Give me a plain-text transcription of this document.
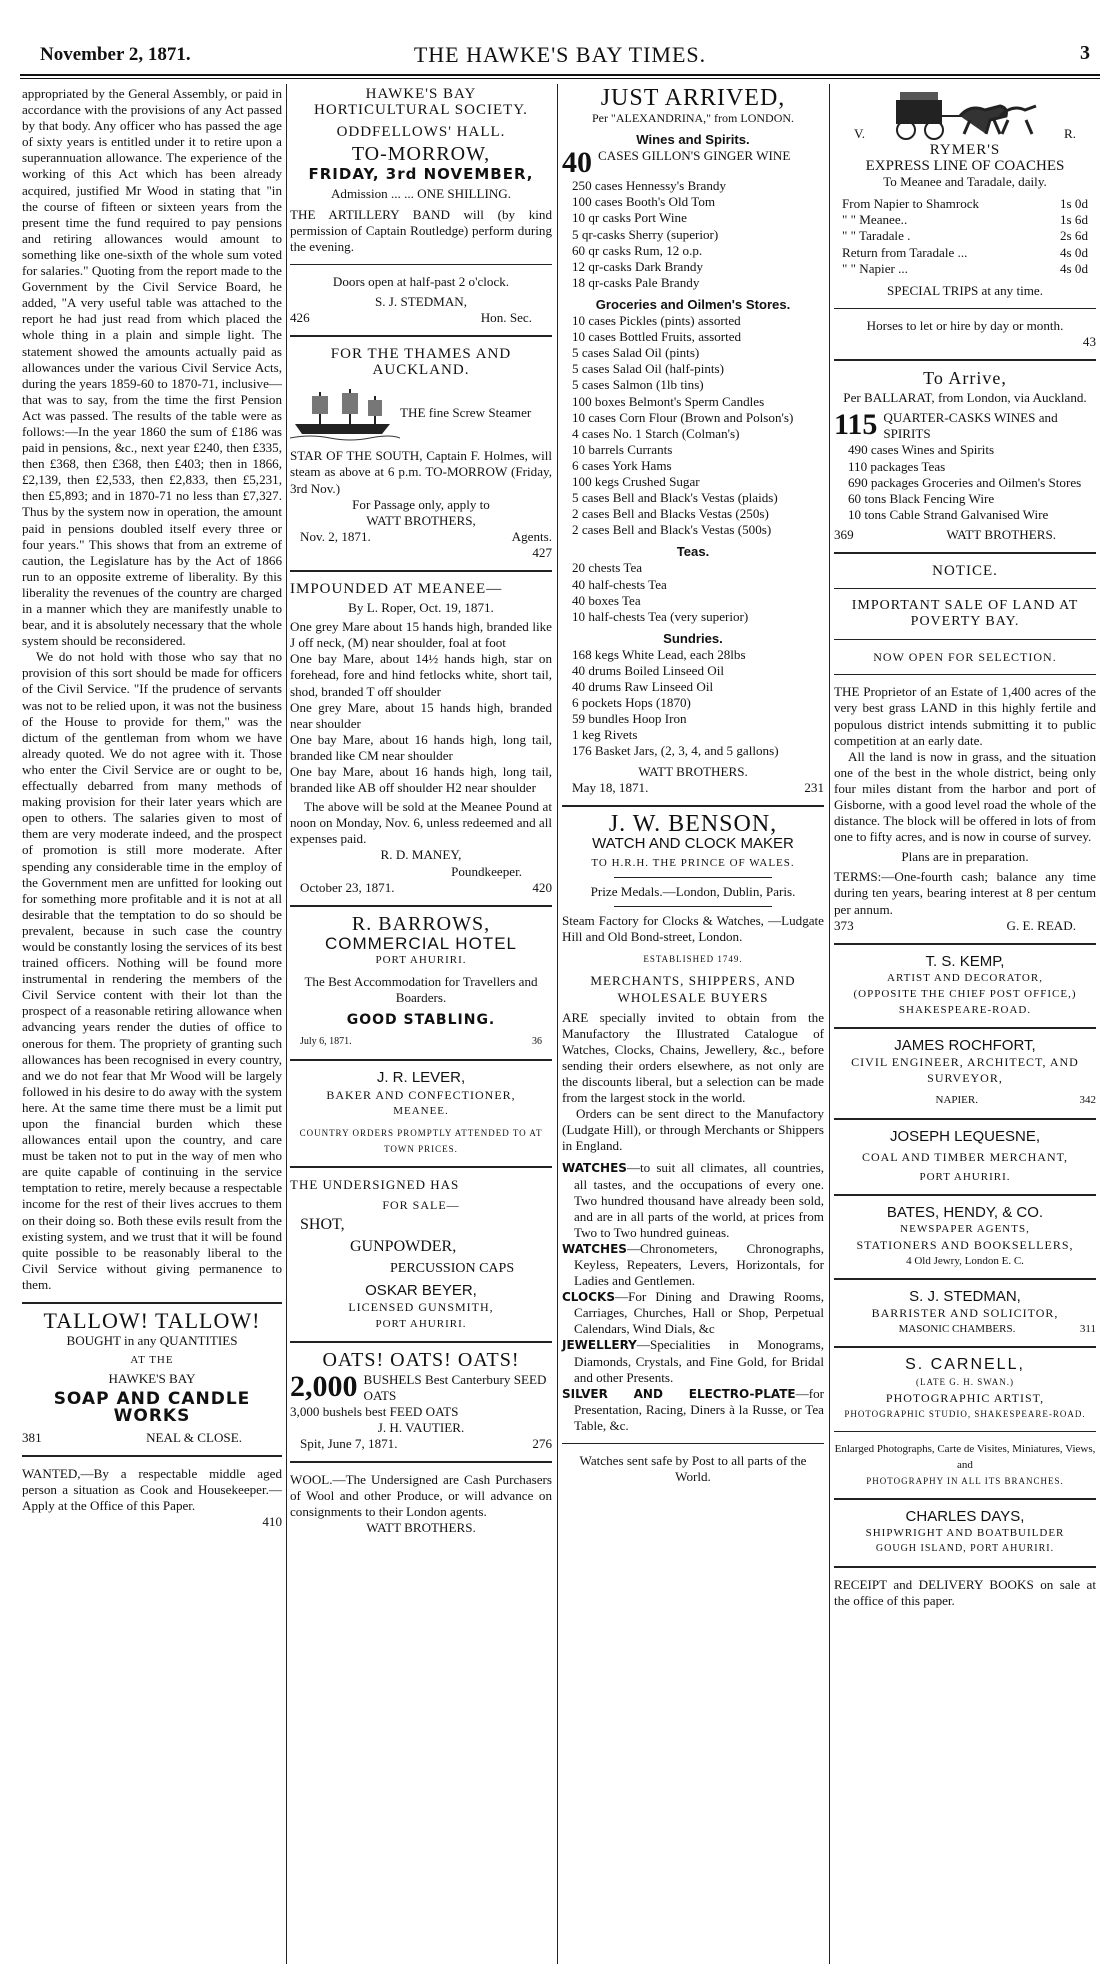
November 2, 1871.	THE HAWKE'S BAY TIMES.	3

appropriated by the General Assembly, or paid in accordance with the provisions of any Act passed by that body. Any officer who has passed the age of sixty years is entitled under it to retire upon a superannuation allowance. The experience of the working of this Act which has been already acquired, justified Mr Wood in stating that "in the course of fifteen or sixteen years from the present time the fund required to pay pensions and retiring allowances would amount to something like one-sixth of the whole sum voted for salaries." Quoting from the report made to the Government by the Civil Service Board, he added, "A very useful table was attached to the report he had just read from which placed the whole thing in a plain and simple light. The statement showed the amounts actually paid as allowances under the various Civil Service Acts, during the years 1859-60 to 1870-71, inclusive—that was to say, from the time the first Pension Act was passed. The results of the table were as follows:—In the year 1860 the sum of £186 was paid in pensions, &c., next year £240, then £335, then £368, then £368, then £403; then in 1866, £2,139, then £2,533, then £2,833, then £5,231, then £5,893; and in 1870-71 no less than £7,327. Thus by the system now in operation, the amount paid in pensions doubled itself every three or four years." This shows that from an extreme of caution, the Legislature has by the Act of 1866 run to an opposite extreme of liberality. By this liberality the revenues of the country are charged in a manner which they are manifestly unable to bear, and it is absolutely necessary that the whole system should be reconsidered.

We do not hold with those who say that no provision of this sort should be made for officers of the Civil Service. "If the prudence of servants was not to be relied upon, it was not the business of the House to provide for them," was the dictum of the gentleman from whom we have already quoted. We do not agree with it. Those who enter the Civil Service are or ought to be, effectually debarred from many methods of making provision for their later years which are open to others. The salaries given to most of them are very moderate indeed, and the prospect of promotion is still more moderate. After spending any considerable time in the employ of the Government men are unfitted for looking out for something more profitable and it is not at all desirable that the temptation to do so should be prevalent, because in such case the country would be constantly losing the services of its best trained officers. Nothing will be found more instrumental in rendering the members of the Civil Service content with their lot than the prospect of a reasonable retiring allowance when advancing years render the duties of office to onerous for them. The propriety of granting such allowances has been recognised in every country, and we do not fear that Mr Wood will be largely followed in his desire to do away with the system here. At the same time there must be a limit put upon the financial burden which these allowances entail upon the country, and care must be taken not to put in the way of men who are quite capable of continuing in the service temptation to retire, merely because a respectable income for the rest of their lives accrues to them on their doing so. Both these evils result from the existing system, and we trust that it will be found quite possible to be reasonably liberal to the Civil Service without giving permanence to them.

TALLOW! TALLOW!
BOUGHT in any QUANTITIES
AT THE
HAWKE'S BAY
SOAP AND CANDLE WORKS
381	NEAL & CLOSE.

WANTED,—By a respectable middle aged person a situation as Cook and Housekeeper.—Apply at the Office of this Paper.

410
HAWKE'S BAY
HORTICULTURAL SOCIETY.
ODDFELLOWS' HALL.
TO-MORROW,
FRIDAY, 3rd NOVEMBER,
Admission ... ... ONE SHILLING.

THE ARTILLERY BAND will (by kind permission of Captain Routledge) perform during the evening.

Doors open at half-past 2 o'clock.
S. J. STEDMAN,
426	Hon. Sec.
FOR THE THAMES AND AUCKLAND.
THE fine Screw Steamer

STAR OF THE SOUTH, Captain F. Holmes, will steam as above at 6 p.m. TO-MORROW (Friday, 3rd Nov.)

For Passage only, apply to
WATT BROTHERS,
Nov. 2, 1871.	Agents.
427
IMPOUNDED AT MEANEE—
By L. Roper, Oct. 19, 1871.

One grey Mare about 15 hands high, branded like J off neck, (M) near shoulder, foal at foot

One bay Mare, about 14½ hands high, star on forehead, fore and hind fetlocks white, short tail, shod, branded T off shoulder

One grey Mare, about 15 hands high, branded near shoulder

One bay Mare, about 16 hands high, long tail, branded like CM near shoulder

One bay Mare, about 16 hands high, long tail, branded like AB off shoulder H2 near shoulder

The above will be sold at the Meanee Pound at noon on Monday, Nov. 6, unless redeemed and all expenses paid.

R. D. MANEY,
Poundkeeper.
October 23, 1871.	420
R. BARROWS,
COMMERCIAL HOTEL
PORT AHURIRI.
The Best Accommodation for Travellers and Boarders.
GOOD STABLING.
July 6, 1871.	36
J. R. LEVER,
BAKER AND CONFECTIONER,
MEANEE.
COUNTRY ORDERS PROMPTLY ATTENDED TO AT TOWN PRICES.
THE UNDERSIGNED HAS
FOR SALE—
SHOT,
GUNPOWDER,
PERCUSSION CAPS
OSKAR BEYER,
LICENSED GUNSMITH,
PORT AHURIRI.
OATS! OATS! OATS!
2,000 BUSHELS Best Canterbury SEED OATS
3,000 bushels best FEED OATS
J. H. VAUTIER.
Spit, June 7, 1871.	276

WOOL.—The Undersigned are Cash Purchasers of Wool and other Produce, or will advance on consignments to their London agents.

WATT BROTHERS.
JUST ARRIVED,
Per "ALEXANDRINA," from LONDON.
Wines and Spirits.
40 CASES GILLON'S GINGER WINE
250 cases Hennessy's Brandy
100 cases Booth's Old Tom
10 qr casks Port Wine
5 qr-casks Sherry (superior)
60 qr casks Rum, 12 o.p.
12 qr-casks Dark Brandy
18 qr-casks Pale Brandy
Groceries and Oilmen's Stores.
10 cases Pickles (pints) assorted
10 cases Bottled Fruits, assorted
5 cases Salad Oil (pints)
5 cases Salad Oil (half-pints)
5 cases Salmon (1lb tins)
100 boxes Belmont's Sperm Candles
10 cases Corn Flour (Brown and Polson's)
4 cases No. 1 Starch (Colman's)
10 barrels Currants
6 cases York Hams
100 kegs Crushed Sugar
5 cases Bell and Black's Vestas (plaids)
2 cases Bell and Blacks Vestas (250s)
2 cases Bell and Black's Vestas (500s)
Teas.
20 chests Tea
40 half-chests Tea
40 boxes Tea
10 half-chests Tea (very superior)
Sundries.
168 kegs White Lead, each 28lbs
40 drums Boiled Linseed Oil
40 drums Raw Linseed Oil
6 pockets Hops (1870)
59 bundles Hoop Iron
1 keg Rivets
176 Basket Jars, (2, 3, 4, and 5 gallons)
WATT BROTHERS.
May 18, 1871.	231
J. W. BENSON,
WATCH AND CLOCK MAKER
TO H.R.H. THE PRINCE OF WALES.
Prize Medals.—London, Dublin, Paris.

Steam Factory for Clocks & Watches, —Ludgate Hill and Old Bond-street, London.

ESTABLISHED 1749.
MERCHANTS, SHIPPERS, AND WHOLESALE BUYERS

ARE specially invited to obtain from the Manufactory the Illustrated Catalogue of Watches, Clocks, Chains, Jewellery, &c., before sending their orders elsewhere, as not only are the discounts liberal, but a selection can be made from the largest stock in the world.

Orders can be sent direct to the Manufactory (Ludgate Hill), or through Merchants or Shippers in England.

WATCHES—to suit all climates, all countries, all tastes, and the occupations of every one. Two hundred thousand have already been sold, and are in all parts of the world, at prices from Two to Two hundred guineas.

WATCHES—Chronometers, Chronographs, Keyless, Repeaters, Levers, Horizontals, for Ladies and Gentlemen.

CLOCKS—For Dining and Drawing Rooms, Carriages, Churches, Hall or Shop, Perpetual Calendars, Wind Dials, &c

JEWELLERY—Specialities in Monograms, Diamonds, Crystals, and Fine Gold, for Bridal and other Presents.

SILVER AND ELECTRO-PLATE—for Presentation, Racing, Diners à la Russe, or Tea Table, &c.

Watches sent safe by Post to all parts of the World.
V.	R.
RYMER'S
EXPRESS LINE OF COACHES
To Meanee and Taradale, daily.
From Napier to Shamrock	1s 0d
" " Meanee..	1s 6d
" " Taradale .	2s 6d
Return from Taradale ...	4s 0d
" " Napier ...	4s 0d
SPECIAL TRIPS at any time.
Horses to let or hire by day or month.
43
To Arrive,
Per BALLARAT, from London, via Auckland.
115 QUARTER-CASKS WINES and SPIRITS
490 cases Wines and Spirits
110 packages Teas
690 packages Groceries and Oilmen's Stores
60 tons Black Fencing Wire
10 tons Cable Strand Galvanised Wire
369	WATT BROTHERS.
NOTICE.
IMPORTANT SALE OF LAND AT POVERTY BAY.
NOW OPEN FOR SELECTION.

THE Proprietor of an Estate of 1,400 acres of the very best grass LAND in this highly fertile and populous district intends submitting it to public competition at an early date.

All the land is now in grass, and the situation one of the best in the whole district, being only four miles distant from the harbor and port of Gisborne, with a good level road the whole of the distance. The block will be offered in lots of from one to fifty acres, and is now in course of survey.

Plans are in preparation.

TERMS:—One-fourth cash; balance any time during ten years, bearing interest at 8 per centum per annum.

373	G. E. READ.
T. S. KEMP,
ARTIST AND DECORATOR,
(OPPOSITE THE CHIEF POST OFFICE,)
SHAKESPEARE-ROAD.
JAMES ROCHFORT,
CIVIL ENGINEER, ARCHITECT, AND SURVEYOR,
NAPIER.	342
JOSEPH LEQUESNE,
COAL AND TIMBER MERCHANT,
PORT AHURIRI.
BATES, HENDY, & CO.
NEWSPAPER AGENTS,
STATIONERS AND BOOKSELLERS,
4 Old Jewry, London E. C.
S. J. STEDMAN,
BARRISTER AND SOLICITOR,
MASONIC CHAMBERS.	311
S. CARNELL,
(LATE G. H. SWAN.)
PHOTOGRAPHIC ARTIST,
PHOTOGRAPHIC STUDIO, SHAKESPEARE-ROAD.
Enlarged Photographs, Carte de Visites, Miniatures, Views, and
PHOTOGRAPHY IN ALL ITS BRANCHES.
CHARLES DAYS,
SHIPWRIGHT AND BOATBUILDER
GOUGH ISLAND, PORT AHURIRI.

RECEIPT and DELIVERY BOOKS on sale at the office of this paper.
